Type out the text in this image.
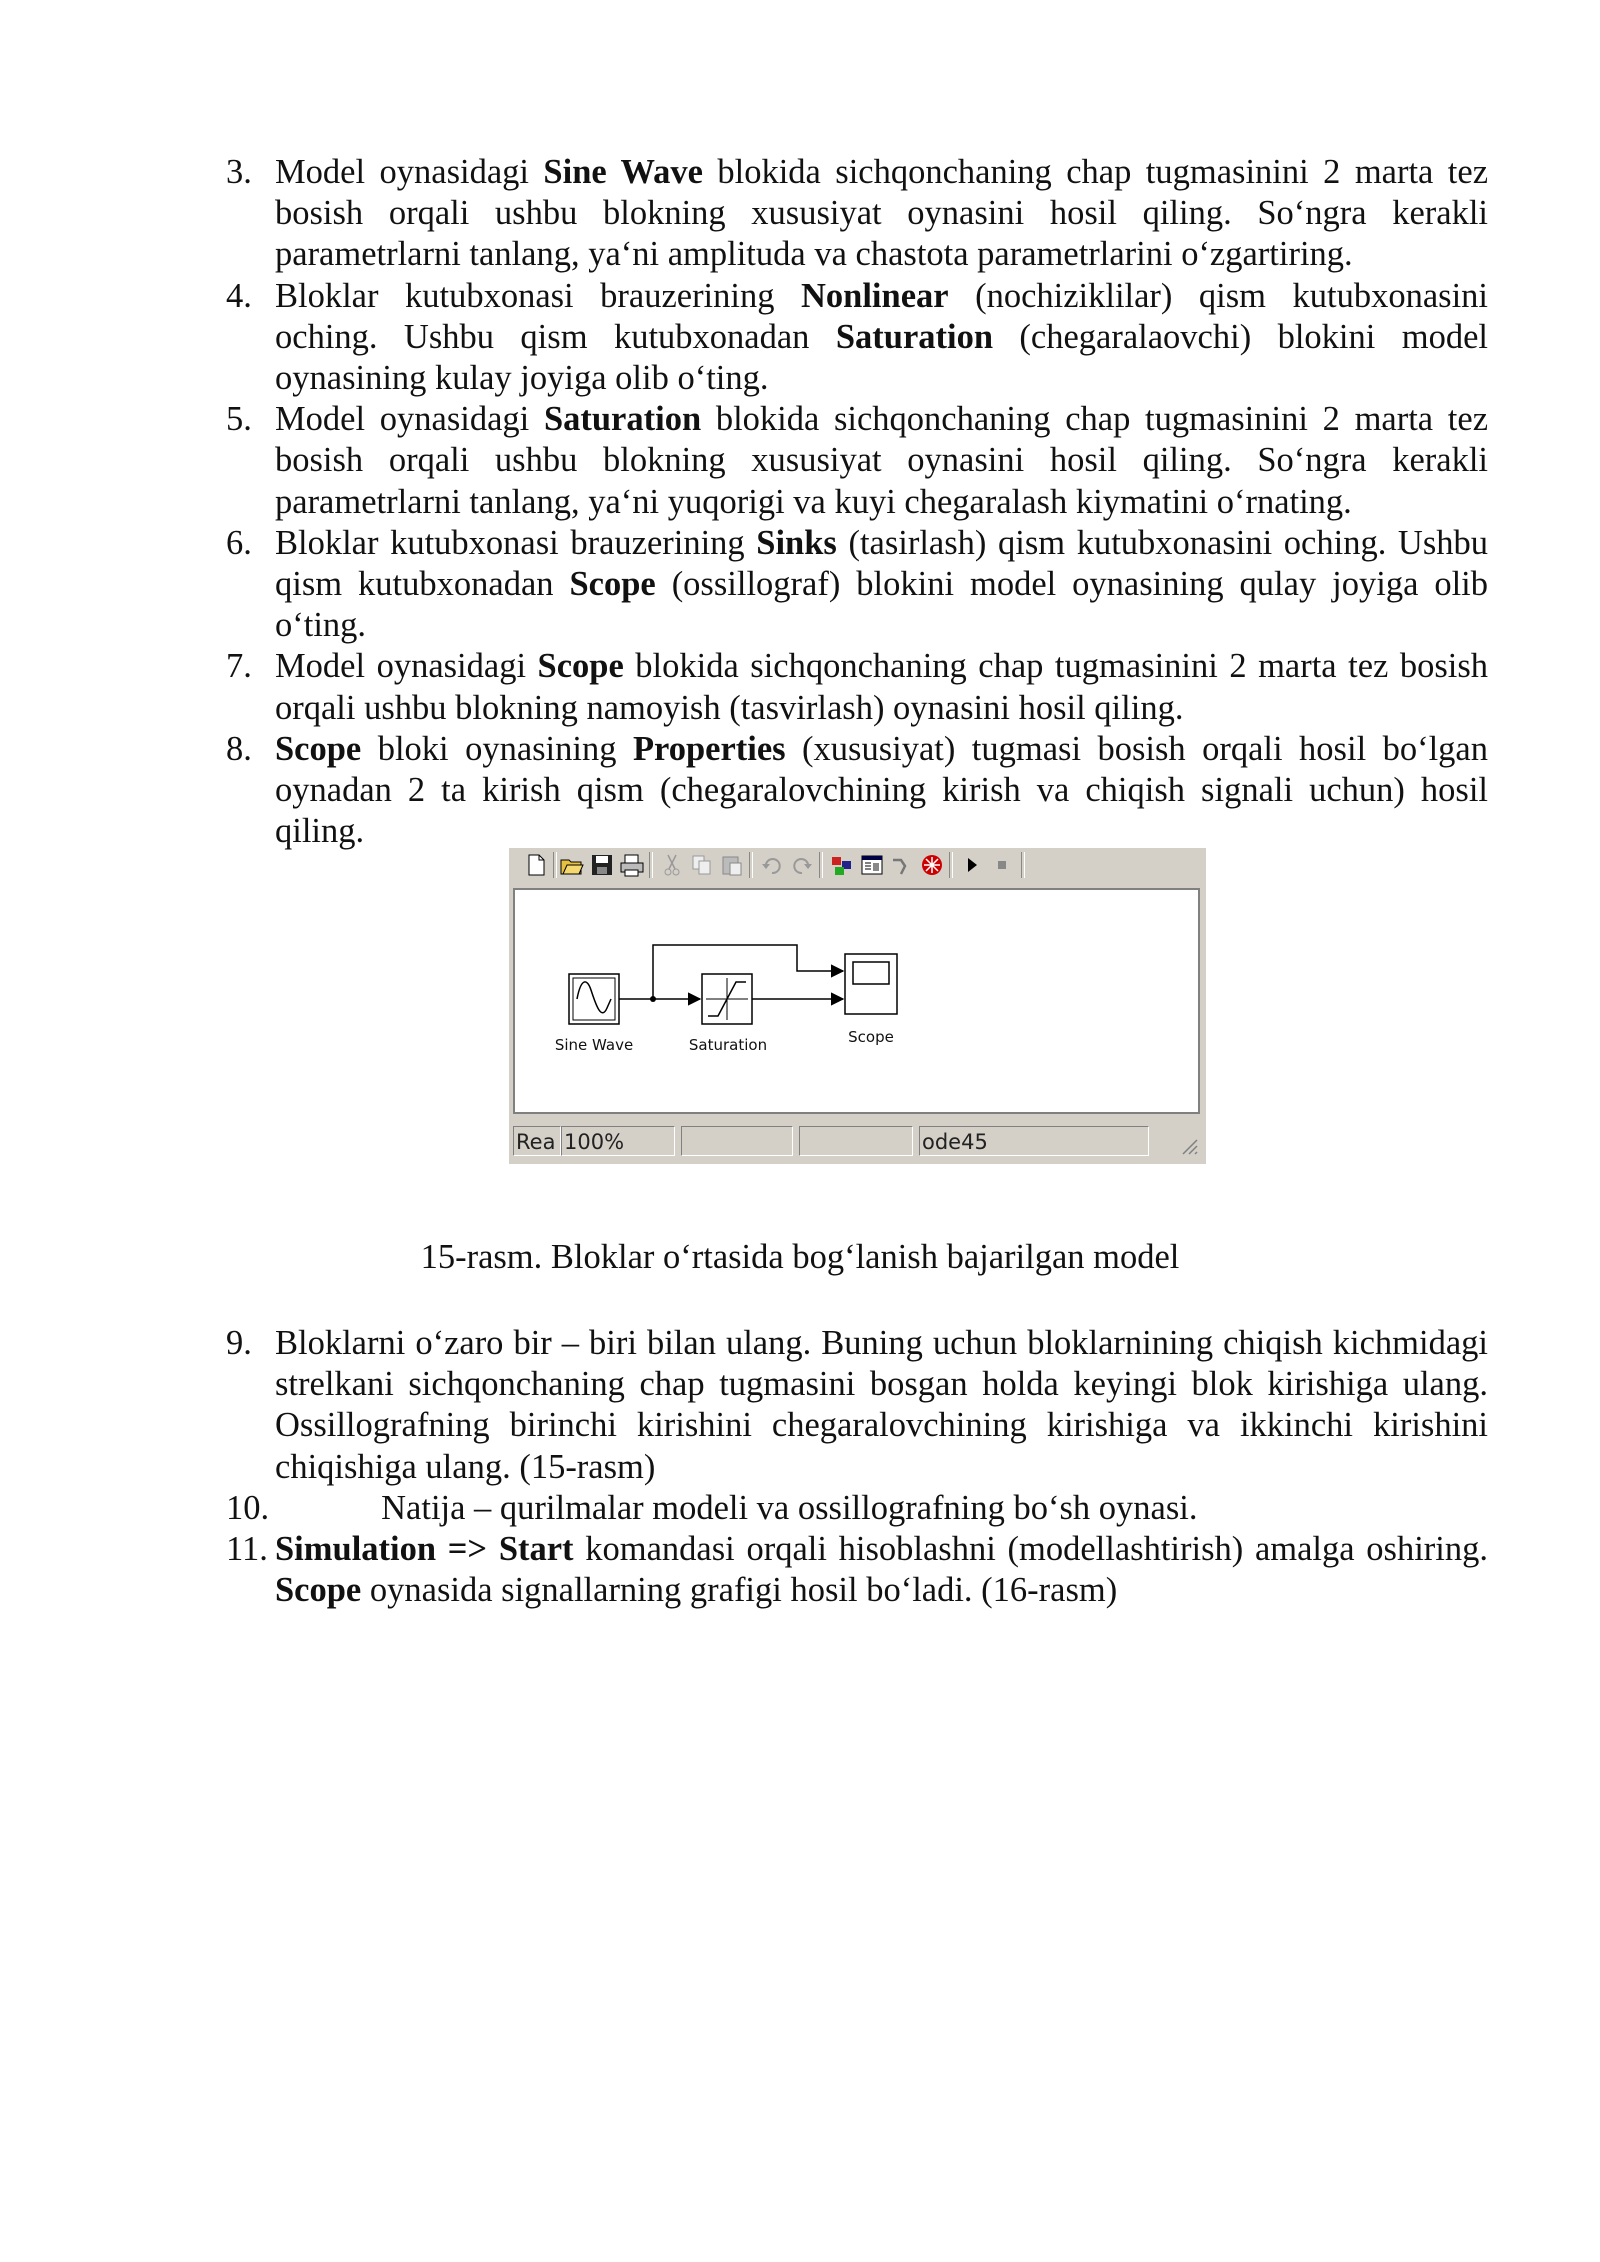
3. Model oynasidagi Sine Wave blokida sichqonchaning chap tugmasinini 2 marta tez bosish orqali ushbu blokning xususiyat oynasini hosil qiling. So‘ngra kerakli parametrlarni tanlang, ya‘ni amplituda va chastota parametrlarini o‘zgartiring.
4. Bloklar kutubxonasi brauzerining Nonlinear (nochiziklilar) qism kutubxonasini oching. Ushbu qism kutubxonadan Saturation (chegaralaovchi) blokini model oynasining kulay joyiga olib o‘ting.
5. Model oynasidagi Saturation blokida sichqonchaning chap tugmasinini 2 marta tez bosish orqali ushbu blokning xususiyat oynasini hosil qiling. So‘ngra kerakli parametrlarni tanlang, ya‘ni yuqorigi va kuyi chegaralash kiymatini o‘rnating.
6. Bloklar kutubxonasi brauzerining Sinks (tasirlash) qism kutubxonasini oching. Ushbu qism kutubxonadan Scope (ossillograf) blokini model oynasining qulay joyiga olib o‘ting.
7. Model oynasidagi Scope blokida sichqonchaning chap tugmasinini 2 marta tez bosish orqali ushbu blokning namoyish (tasvirlash) oynasini hosil qiling.
8. Scope bloki oynasining Properties (xususiyat) tugmasi bosish orqali hosil bo‘lgan oynadan 2 ta kirish qism (chegaralovchining kirish va chiqish signali uchun) hosil qiling.
Sine Wave	Saturation	Scope
Rea 100%	ode45
15-rasm. Bloklar o‘rtasida bog‘lanish bajarilgan model
9. Bloklarni o‘zaro bir – biri bilan ulang. Buning uchun bloklarnining chiqish kichmidagi strelkani sichqonchaning chap tugmasini bosgan holda keyingi blok kirishiga ulang. Ossillografning birinchi kirishini chegaralovchining kirishiga va ikkinchi kirishini chiqishiga ulang. (15-rasm)
10.	Natija – qurilmalar modeli va ossillografning bo‘sh oynasi.
11. Simulation => Start komandasi orqali hisoblashni (modellashtirish) amalga oshiring. Scope oynasida signallarning grafigi hosil bo‘ladi. (16-rasm)
